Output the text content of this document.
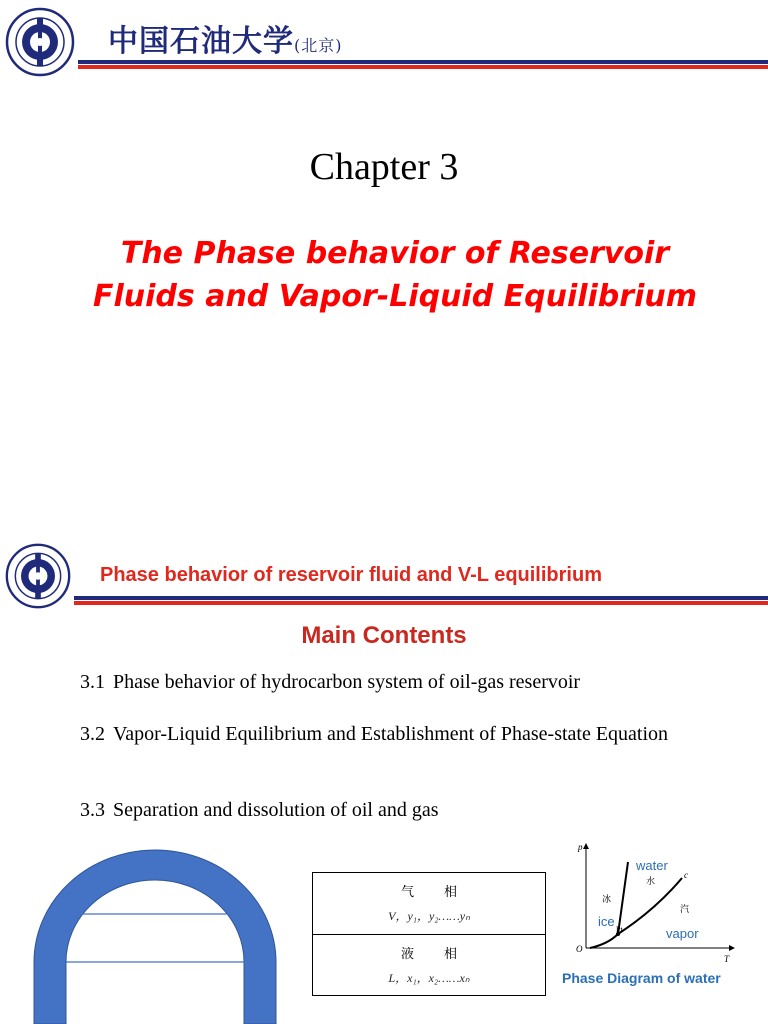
中国石油大学(北京)
Chapter 3
The Phase behavior of Reservoir Fluids and Vapor-Liquid Equilibrium
Phase behavior of reservoir fluid and V-L equilibrium
Main Contents
3.1 Phase behavior of hydrocarbon system of oil-gas reservoir
3.2 Vapor-Liquid Equilibrium and Establishment of Phase-state Equation
3.3 Separation and dissolution of oil and gas
气相
V，y₁，y₂……yₙ
液相
L，x₁，x₂……xₙ
p
T
O
c
Pt
冰
水
汽
water
ice
vapor
Phase Diagram of water
